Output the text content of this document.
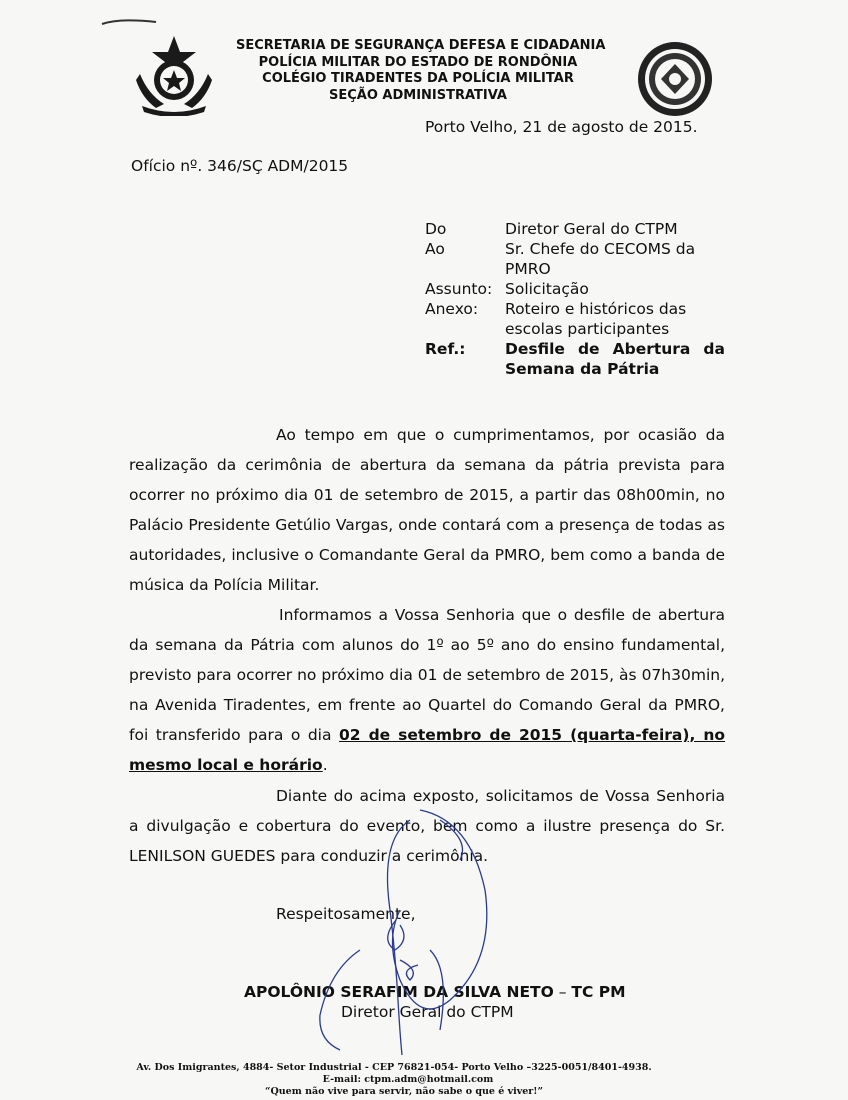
SECRETARIA DE SEGURANÇA DEFESA E CIDADANIA
POLÍCIA MILITAR DO ESTADO DE RONDÔNIA
COLÉGIO TIRADENTES DA POLÍCIA MILITAR
SEÇÃO ADMINISTRATIVA
Porto Velho, 21 de agosto de 2015.
Ofício nº. 346/SÇ ADM/2015
Do	Diretor Geral do CTPM
Ao	Sr. Chefe do CECOMS da PMRO
Assunto: Solicitação
Anexo:	Roteiro e históricos das escolas participantes
Ref.:	Desfile de Abertura da
Semana da Pátria
Ao tempo em que o cumprimentamos, por ocasião da realização da cerimônia de abertura da semana da pátria prevista para ocorrer no próximo dia 01 de setembro de 2015, a partir das 08h00min, no Palácio Presidente Getúlio Vargas, onde contará com a presença de todas as autoridades, inclusive o Comandante Geral da PMRO, bem como a banda de música da Polícia Militar.
Informamos a Vossa Senhoria que o desfile de abertura da semana da Pátria com alunos do 1º ao 5º ano do ensino fundamental, previsto para ocorrer no próximo dia 01 de setembro de 2015, às 07h30min, na Avenida Tiradentes, em frente ao Quartel do Comando Geral da PMRO, foi transferido para o dia 02 de setembro de 2015 (quarta-feira), no mesmo local e horário.
Diante do acima exposto, solicitamos de Vossa Senhoria a divulgação e cobertura do evento, bem como a ilustre presença do Sr. LENILSON GUEDES para conduzir a cerimônia.
Respeitosamente,
APOLÔNIO SERAFIM DA SILVA NETO – TC PM
Diretor Geral do CTPM
Av. Dos Imigrantes, 4884- Setor Industrial - CEP 76821-054- Porto Velho –3225-0051/8401-4938.
E-mail: ctpm.adm@hotmail.com
“Quem não vive para servir, não sabe o que é viver!”
